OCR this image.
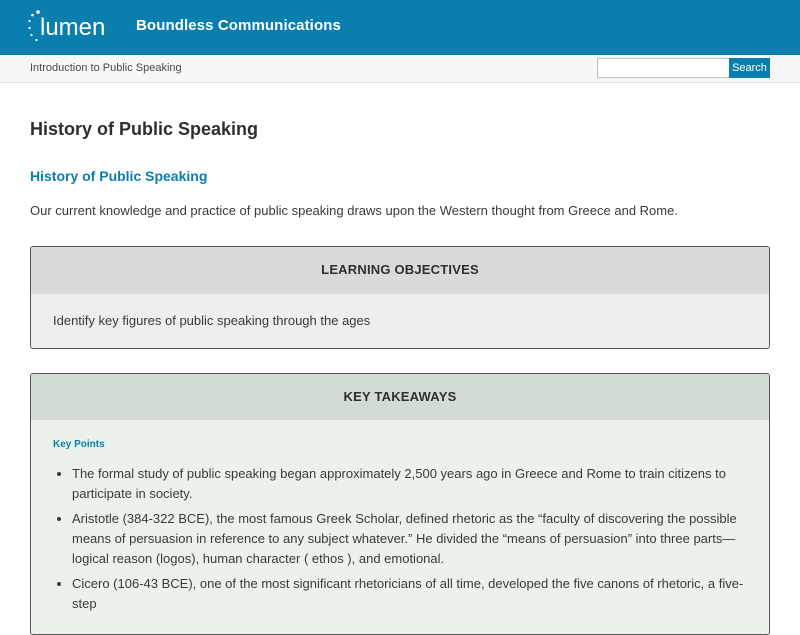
lumen Boundless Communications
Introduction to Public Speaking	Search
History of Public Speaking
History of Public Speaking

Our current knowledge and practice of public speaking draws upon the Western thought from Greece and Rome.

LEARNING OBJECTIVES
Identify key figures of public speaking through the ages
KEY TAKEAWAYS
Key Points
• The formal study of public speaking began approximately 2,500 years ago in Greece and Rome to train citizens to participate in society.
• Aristotle (384-322 BCE), the most famous Greek Scholar, defined rhetoric as the “faculty of discovering the possible means of persuasion in reference to any subject whatever.” He divided the “means of persuasion” into three parts—logical reason (logos), human character ( ethos ), and emotional.
• Cicero (106-43 BCE), one of the most significant rhetoricians of all time, developed the five canons of rhetoric, a five-step
